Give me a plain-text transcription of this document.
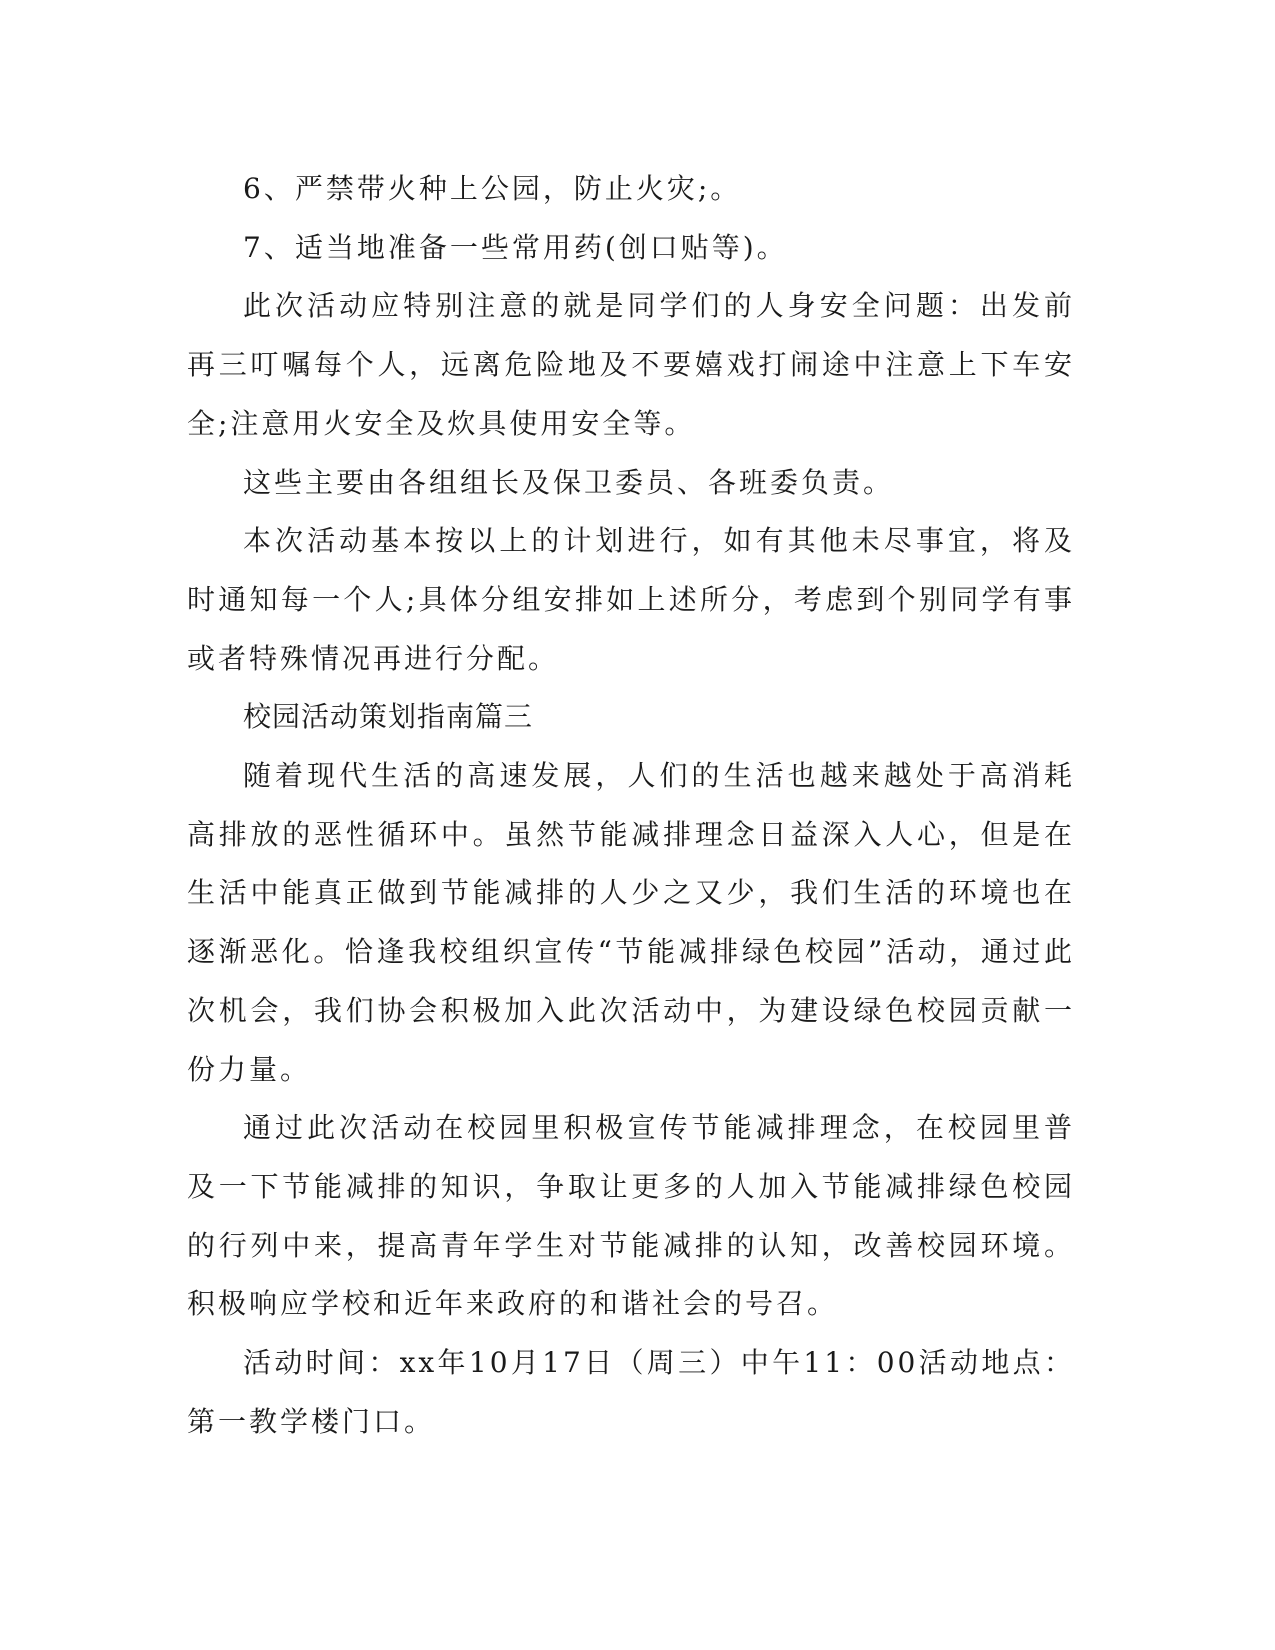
6、严禁带火种上公园，防止火灾;。

7、适当地准备一些常用药(创口贴等)。

此次活动应特别注意的就是同学们的人身安全问题：出发前再三叮嘱每个人，远离危险地及不要嬉戏打闹途中注意上下车安全;注意用火安全及炊具使用安全等。

这些主要由各组组长及保卫委员、各班委负责。

本次活动基本按以上的计划进行，如有其他未尽事宜，将及时通知每一个人;具体分组安排如上述所分，考虑到个别同学有事或者特殊情况再进行分配。

校园活动策划指南篇三

随着现代生活的高速发展，人们的生活也越来越处于高消耗高排放的恶性循环中。虽然节能减排理念日益深入人心，但是在生活中能真正做到节能减排的人少之又少，我们生活的环境也在逐渐恶化。恰逢我校组织宣传“节能减排绿色校园”活动，通过此次机会，我们协会积极加入此次活动中，为建设绿色校园贡献一份力量。

通过此次活动在校园里积极宣传节能减排理念，在校园里普及一下节能减排的知识，争取让更多的人加入节能减排绿色校园的行列中来，提高青年学生对节能减排的认知，改善校园环境。积极响应学校和近年来政府的和谐社会的号召。

活动时间：xx年10月17日（周三）中午11：00活动地点：第一教学楼门口。
